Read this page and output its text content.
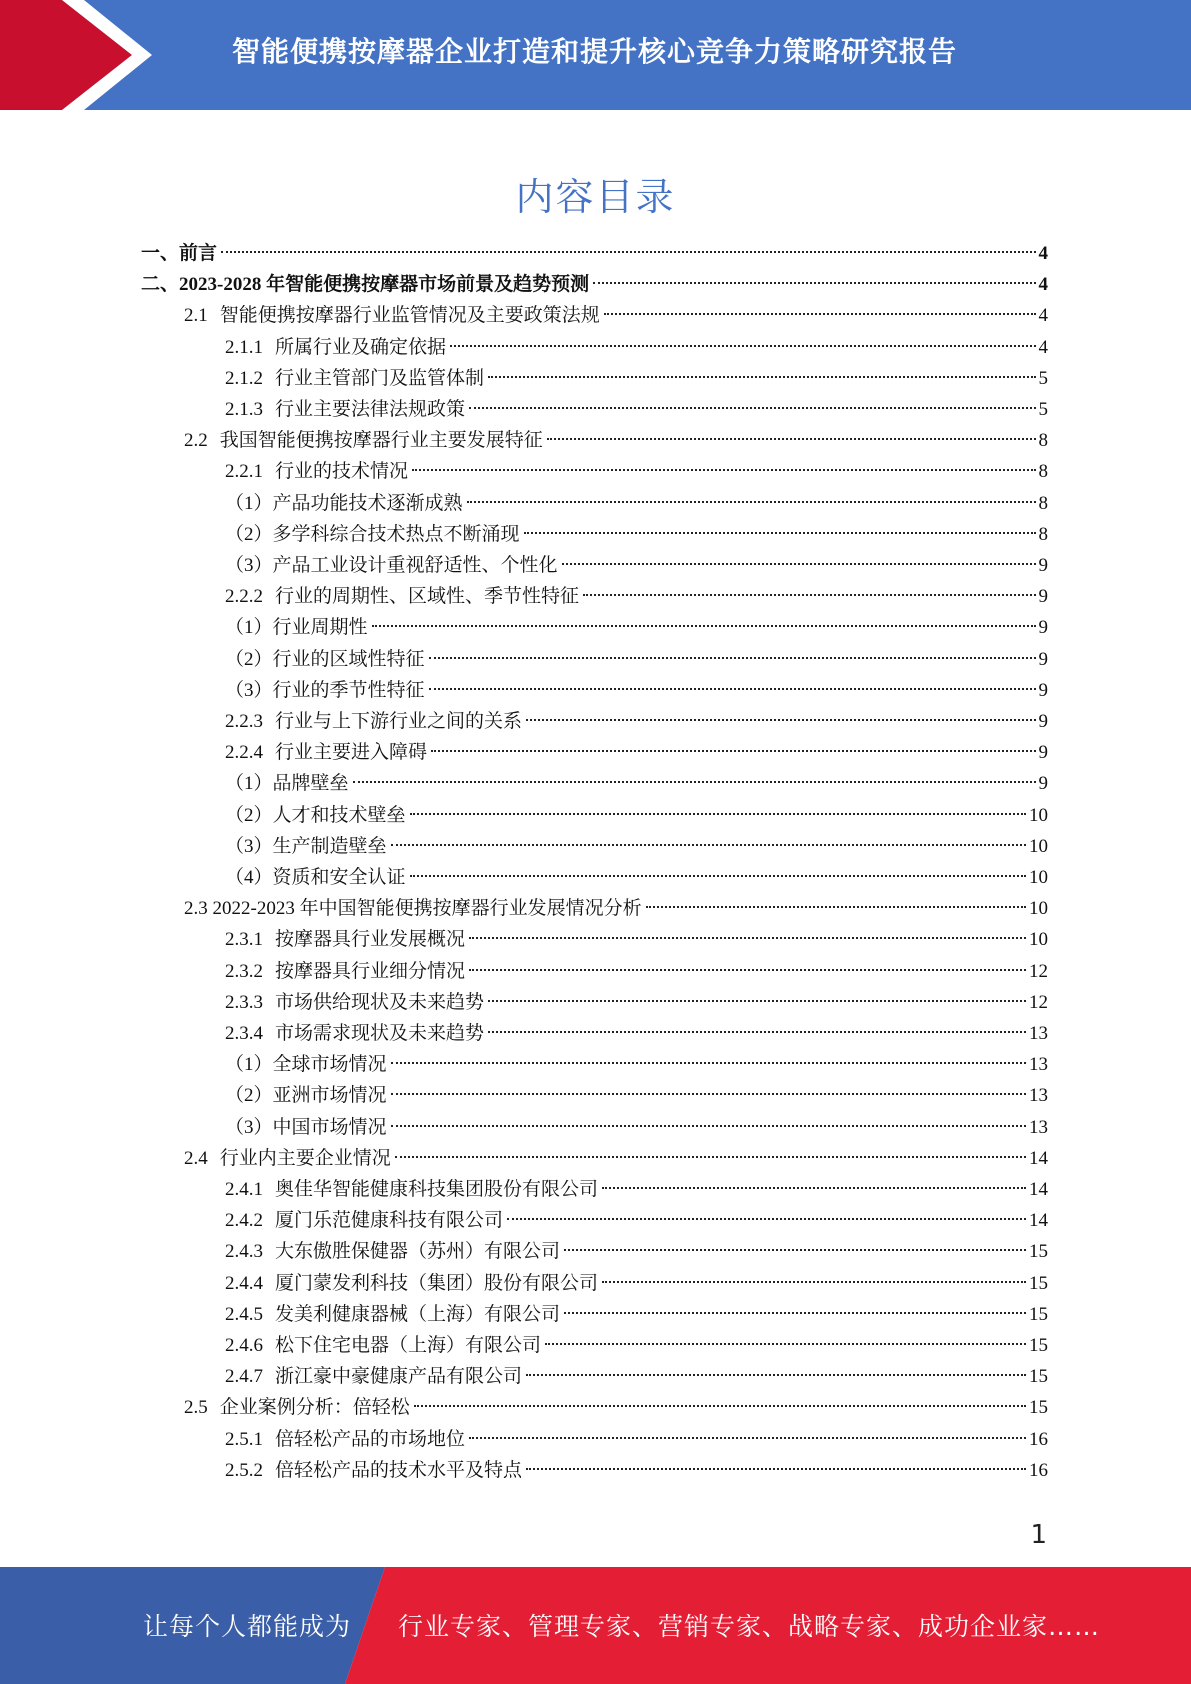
智能便携按摩器企业打造和提升核心竞争力策略研究报告
内容目录
一、前言	4
二、2023-2028 年智能便携按摩器市场前景及趋势预测	4
2.1 智能便携按摩器行业监管情况及主要政策法规	4
2.1.1 所属行业及确定依据	4
2.1.2 行业主管部门及监管体制	5
2.1.3 行业主要法律法规政策	5
2.2 我国智能便携按摩器行业主要发展特征	8
2.2.1 行业的技术情况	8
（1）产品功能技术逐渐成熟	8
（2）多学科综合技术热点不断涌现	8
（3）产品工业设计重视舒适性、个性化	9
2.2.2 行业的周期性、区域性、季节性特征	9
（1）行业周期性	9
（2）行业的区域性特征	9
（3）行业的季节性特征	9
2.2.3 行业与上下游行业之间的关系	9
2.2.4 行业主要进入障碍	9
（1）品牌壁垒	9
（2）人才和技术壁垒	10
（3）生产制造壁垒	10
（4）资质和安全认证	10
2.3 2022-2023 年中国智能便携按摩器行业发展情况分析	10
2.3.1 按摩器具行业发展概况	10
2.3.2 按摩器具行业细分情况	12
2.3.3 市场供给现状及未来趋势	12
2.3.4 市场需求现状及未来趋势	13
（1）全球市场情况	13
（2）亚洲市场情况	13
（3）中国市场情况	13
2.4 行业内主要企业情况	14
2.4.1 奥佳华智能健康科技集团股份有限公司	14
2.4.2 厦门乐范健康科技有限公司	14
2.4.3 大东傲胜保健器（苏州）有限公司	15
2.4.4 厦门蒙发利科技（集团）股份有限公司	15
2.4.5 发美利健康器械（上海）有限公司	15
2.4.6 松下住宅电器（上海）有限公司	15
2.4.7 浙江豪中豪健康产品有限公司	15
2.5 企业案例分析：倍轻松	15
2.5.1 倍轻松产品的市场地位	16
2.5.2 倍轻松产品的技术水平及特点	16
1
让每个人都能成为 行业专家、管理专家、营销专家、战略专家、成功企业家……
